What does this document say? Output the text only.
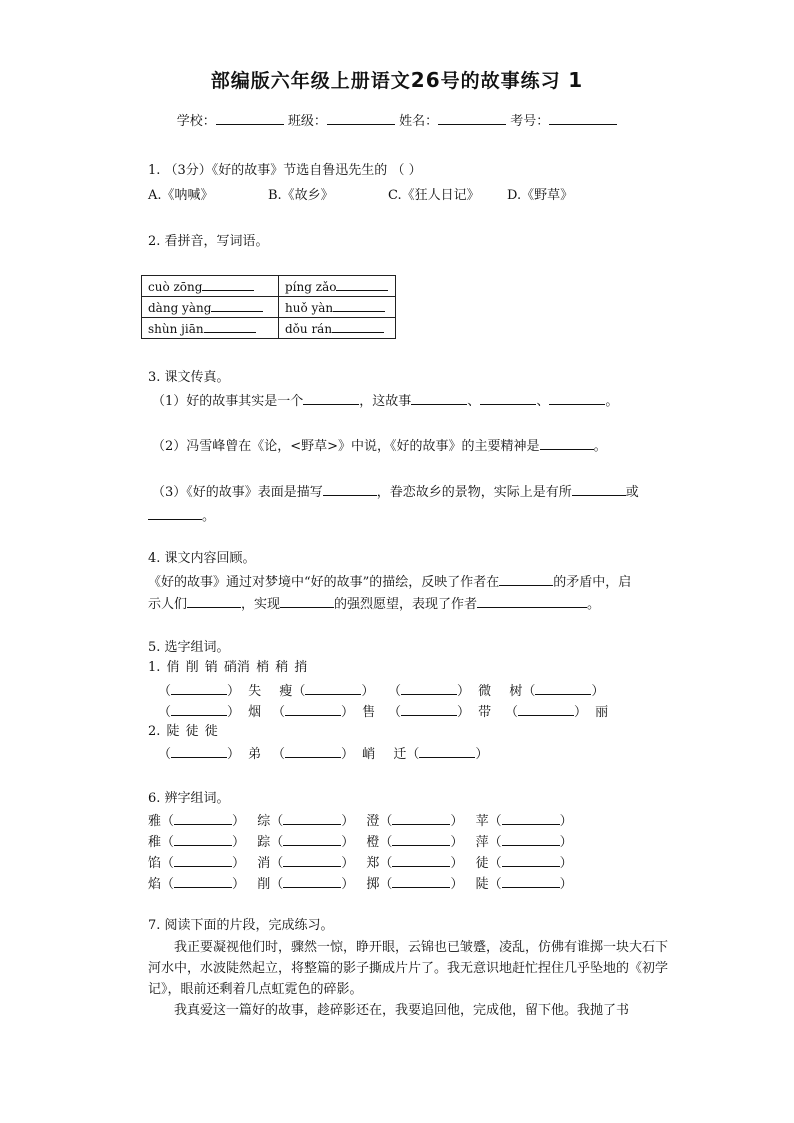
部编版六年级上册语文26号的故事练习 1
学校：	班级：	姓名：	考号：
1. （3分）《好的故事》节选自鲁迅先生的 （ ）
A.《呐喊》	B.《故乡》	C.《狂人日记》 D.《野草》
2. 看拼音，写词语。
cuò zōng	píng zǎo
dàng yàng	huǒ yàn
shùn jiān	dǒu rán
3. 课文传真。
（1）好的故事其实是一个	，这故事	、	、	。
（2）冯雪峰曾在《论，<野草>》中说，《好的故事》的主要精神是	。
（3）《好的故事》表面是描写	，眷恋故乡的景物，实际上是有所	或
。
4. 课文内容回顾。
《好的故事》通过对梦境中“好的故事”的描绘，反映了作者在	的矛盾中，启
示人们	，实现	的强烈愿望，表现了作者	。
5. 选字组词。
1. 俏 削 销 硝消 梢 稍 捎
（	） 失 瘦（	） （	） 微 树（	）
（	） 烟 （	） 售 （	） 带 （	） 丽
2. 陡 徒 徙
（	） 弟 （	） 峭 迁（	）
6. 辨字组词。
雅（	） 综（	） 澄（	） 苹（	）
稚（	） 踪（	） 橙（	） 萍（	）
馅（	） 消（	） 郑（	） 徒（	）
焰（	） 削（	） 掷（	） 陡（	）
7. 阅读下面的片段，完成练习。
我正要凝视他们时，骤然一惊，睁开眼，云锦也已皱蹙，凌乱，仿佛有谁掷一块大石下河水中，水波陡然起立，将整篇的影子撕成片片了。我无意识地赶忙捏住几乎坠地的《初学记》，眼前还剩着几点虹霓色的碎影。
我真爱这一篇好的故事，趁碎影还在，我要追回他，完成他，留下他。我抛了书
